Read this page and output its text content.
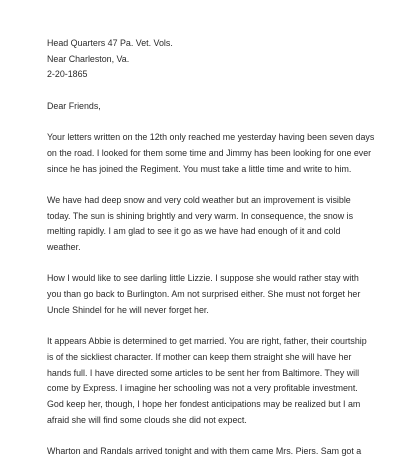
Head Quarters 47 Pa. Vet. Vols.

Near Charleston, Va.

2-20-1865

Dear Friends,

Your letters written on the 12th only reached me yesterday having been seven days
on the road. I looked for them some time and Jimmy has been looking for one ever
since he has joined the Regiment. You must take a little time and write to him.
We have had deep snow and very cold weather but an improvement is visible
today. The sun is shining brightly and very warm. In consequence, the snow is
melting rapidly. I am glad to see it go as we have had enough of it and cold
weather.
How I would like to see darling little Lizzie. I suppose she would rather stay with
you than go back to Burlington. Am not surprised either. She must not forget her
Uncle Shindel for he will never forget her.
It appears Abbie is determined to get married. You are right, father, their courtship
is of the sickliest character. If mother can keep them straight she will have her
hands full. I have directed some articles to be sent her from Baltimore. They will
come by Express. I imagine her schooling was not a very profitable investment.
God keep her, though, I hope her fondest anticipations may be realized but I am
afraid she will find some clouds she did not expect.
Wharton and Randals arrived tonight and with them came Mrs. Piers. Sam got a
